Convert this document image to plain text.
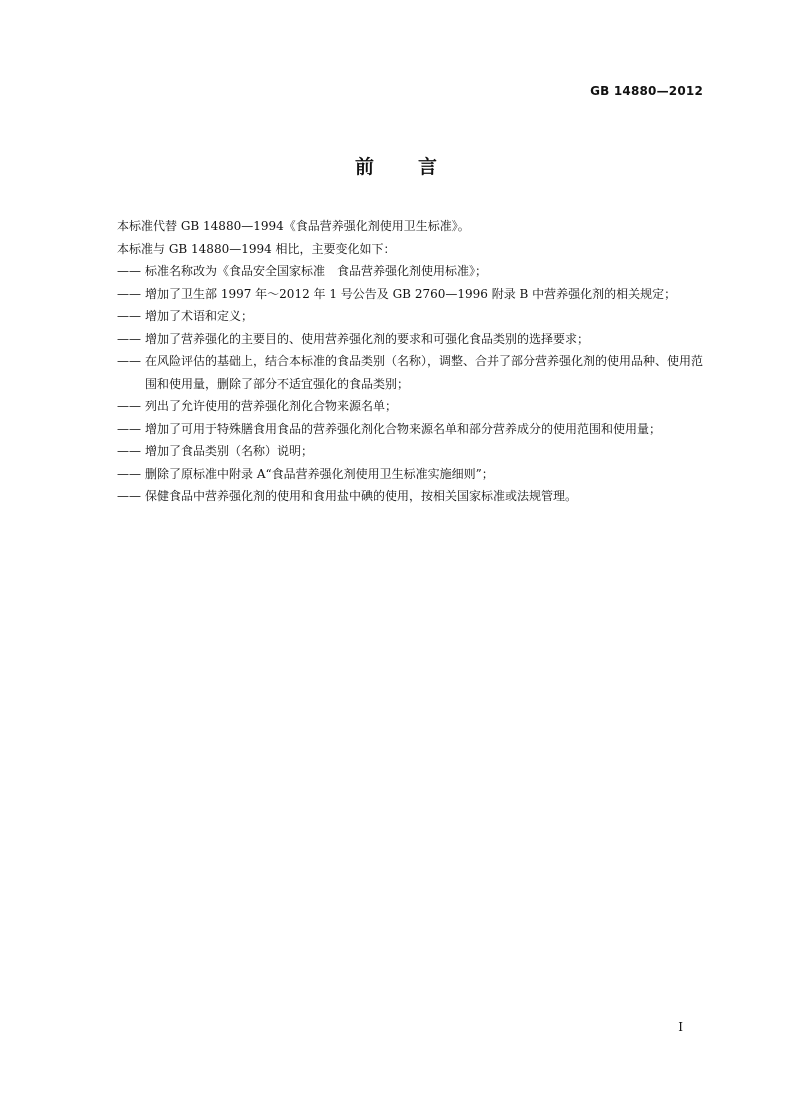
GB 14880—2012
前言

本标准代替 GB 14880—1994《食品营养强化剂使用卫生标准》。

本标准与 GB 14880—1994 相比，主要变化如下：

—— 标准名称改为《食品安全国家标准　食品营养强化剂使用标准》；
—— 增加了卫生部 1997 年～2012 年 1 号公告及 GB 2760—1996 附录 B 中营养强化剂的相关规定；
—— 增加了术语和定义；
—— 增加了营养强化的主要目的、使用营养强化剂的要求和可强化食品类别的选择要求；
—— 在风险评估的基础上，结合本标准的食品类别（名称），调整、合并了部分营养强化剂的使用品种、使用范围和使用量，删除了部分不适宜强化的食品类别；
—— 列出了允许使用的营养强化剂化合物来源名单；
—— 增加了可用于特殊膳食用食品的营养强化剂化合物来源名单和部分营养成分的使用范围和使用量；
—— 增加了食品类别（名称）说明；
—— 删除了原标准中附录 A“食品营养强化剂使用卫生标准实施细则”；
—— 保健食品中营养强化剂的使用和食用盐中碘的使用，按相关国家标准或法规管理。
I
